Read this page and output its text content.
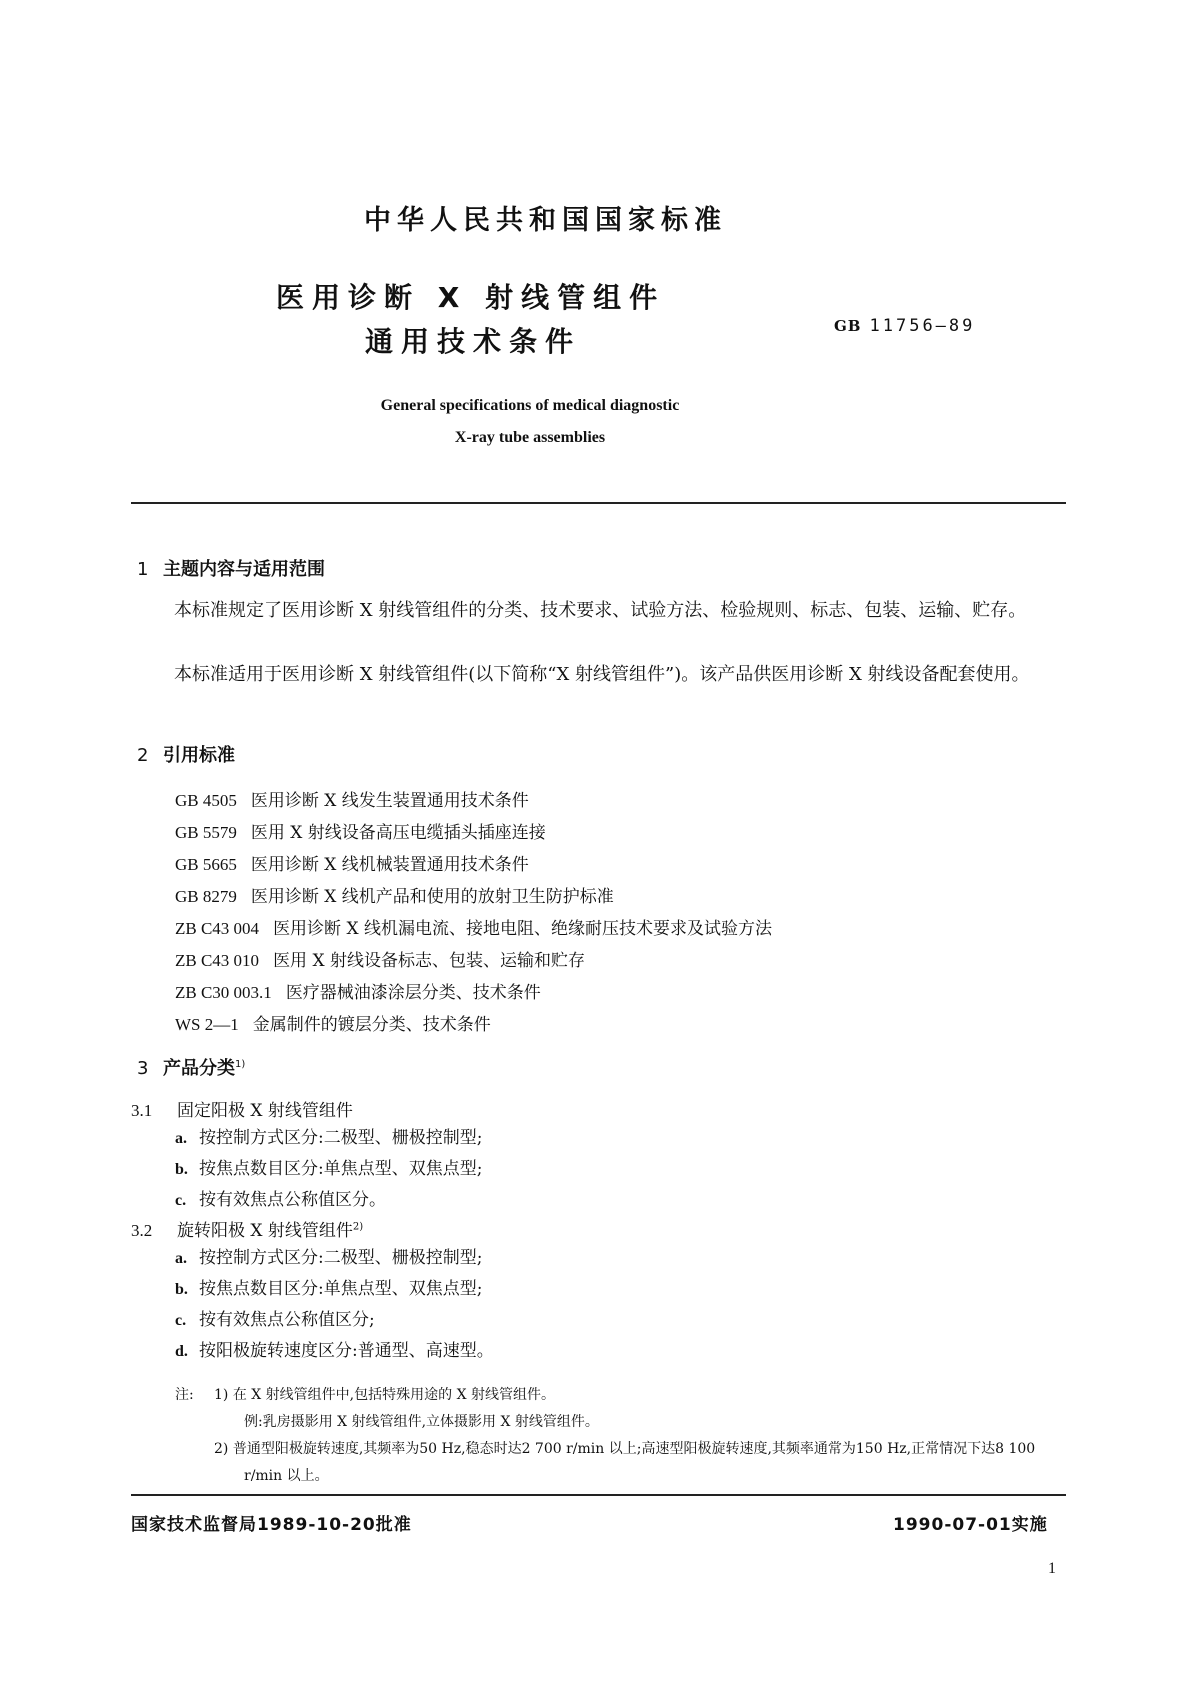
中华人民共和国国家标准
医用诊断 X 射线管组件
通用技术条件	GB 11756—89
General specifications of medical diagnostic
X-ray tube assemblies
1 主题内容与适用范围
本标准规定了医用诊断 X 射线管组件的分类、技术要求、试验方法、检验规则、标志、包装、运输、贮存。
本标准适用于医用诊断 X 射线管组件(以下简称“X 射线管组件”)。该产品供医用诊断 X 射线设备配套使用。
2 引用标准
GB 4505 医用诊断 X 线发生装置通用技术条件
GB 5579 医用 X 射线设备高压电缆插头插座连接
GB 5665 医用诊断 X 线机械装置通用技术条件
GB 8279 医用诊断 X 线机产品和使用的放射卫生防护标准
ZB C43 004 医用诊断 X 线机漏电流、接地电阻、绝缘耐压技术要求及试验方法
ZB C43 010 医用 X 射线设备标志、包装、运输和贮存
ZB C30 003.1 医疗器械油漆涂层分类、技术条件
WS 2—1 金属制件的镀层分类、技术条件
3 产品分类$^{1)}$
3.1 固定阳极 X 射线管组件
a. 按控制方式区分:二极型、栅极控制型;
b. 按焦点数目区分:单焦点型、双焦点型;
c. 按有效焦点公称值区分。
3.2 旋转阳极 X 射线管组件$^{2)}$
a. 按控制方式区分:二极型、栅极控制型;
b. 按焦点数目区分:单焦点型、双焦点型;
c. 按有效焦点公称值区分;
d. 按阳极旋转速度区分:普通型、高速型。
注:	1) 在 X 射线管组件中,包括特殊用途的 X 射线管组件。
例:乳房摄影用 X 射线管组件,立体摄影用 X 射线管组件。
2) 普通型阳极旋转速度,其频率为50 Hz,稳态时达2 700 r/min 以上;高速型阳极旋转速度,其频率通常为150 Hz,正常情况下达8 100 r/min 以上。
国家技术监督局1989-10-20批准	1990-07-01实施
1
